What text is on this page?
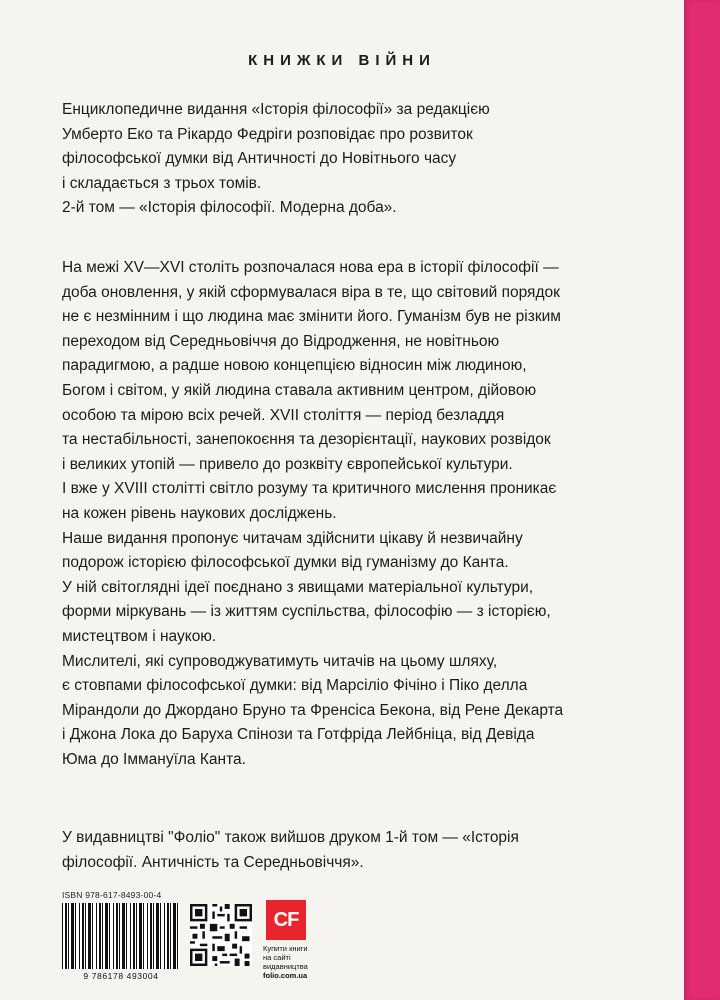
КНИЖКИ ВІЙНИ
Енциклопедичне видання «Історія філософії» за редакцією
Умберто Еко та Рікардо Федріги розповідає про розвиток
філософської думки від Античності до Новітнього часу
і складається з трьох томів.
2-й том — «Історія філософії. Модерна доба».
На межі XV—XVI століть розпочалася нова ера в історії філософії —
доба оновлення, у якій сформувалася віра в те, що світовий порядок
не є незмінним і що людина має змінити його. Гуманізм був не різким
переходом від Середньовіччя до Відродження, не новітньою
парадигмою, а радше новою концепцією відносин між людиною,
Богом і світом, у якій людина ставала активним центром, дійовою
особою та мірою всіх речей. XVII століття — період безладдя
та нестабільності, занепокоєння та дезорієнтації, наукових розвідок
і великих утопій — привело до розквіту європейської культури.
І вже у XVIII столітті світло розуму та критичного мислення проникає
на кожен рівень наукових досліджень.
Наше видання пропонує читачам здійснити цікаву й незвичайну
подорож історією філософської думки від гуманізму до Канта.
У ній світоглядні ідеї поєднано з явищами матеріальної культури,
форми міркувань — із життям суспільства, філософію — з історією,
мистецтвом і наукою.
Мислителі, які супроводжуватимуть читачів на цьому шляху,
є стовпами філософської думки: від Марсіліо Фічіно і Піко делла
Мірандоли до Джордано Бруно та Френсіса Бекона, від Рене Декарта
і Джона Лока до Баруха Спінози та Готфріда Лейбніца, від Девіда
Юма до Іммануїла Канта.
У видавництві "Фоліо" також вийшов друком 1-й том — «Історія
філософії. Античність та Середньовіччя».
ISBN 978-617-8493-00-4
9 786178 493004
CF
Купити книги
на сайті
видавництва
folio.com.ua
